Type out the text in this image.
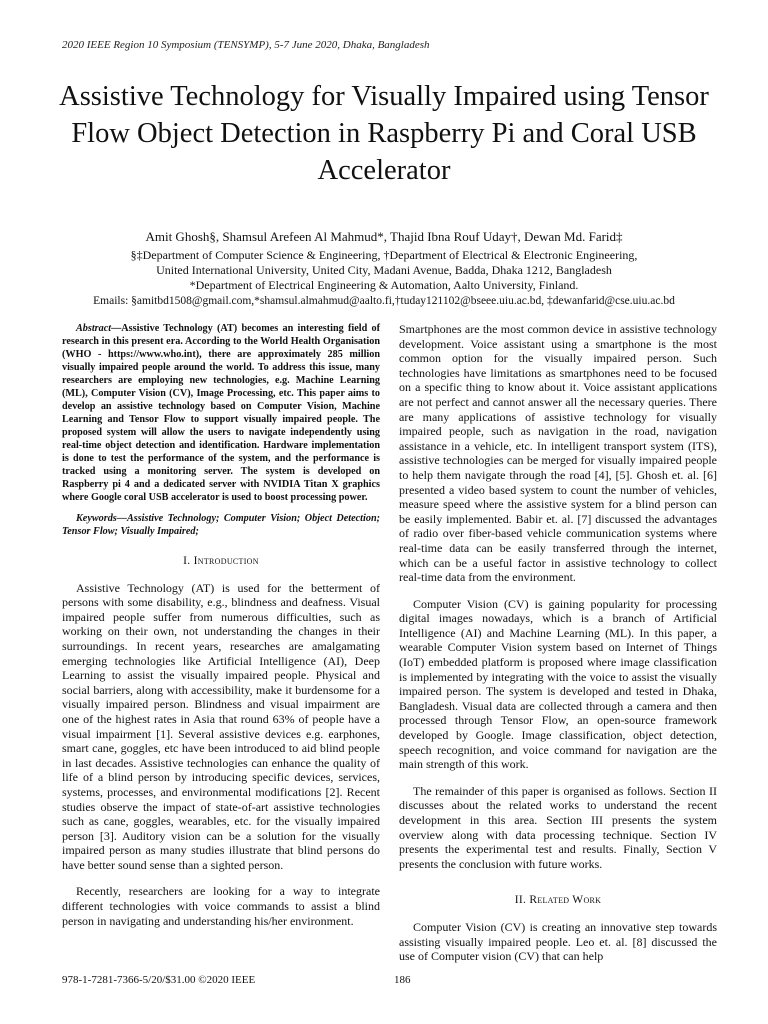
2020 IEEE Region 10 Symposium (TENSYMP), 5-7 June 2020, Dhaka, Bangladesh
Assistive Technology for Visually Impaired using Tensor Flow Object Detection in Raspberry Pi and Coral USB Accelerator
Amit Ghosh§, Shamsul Arefeen Al Mahmud*, Thajid Ibna Rouf Uday†, Dewan Md. Farid‡
§‡Department of Computer Science & Engineering, †Department of Electrical & Electronic Engineering,
United International University, United City, Madani Avenue, Badda, Dhaka 1212, Bangladesh
*Department of Electrical Engineering & Automation, Aalto University, Finland.
Emails: §amitbd1508@gmail.com,*shamsul.almahmud@aalto.fi,†tuday121102@bseee.uiu.ac.bd, ‡dewanfarid@cse.uiu.ac.bd

Abstract—Assistive Technology (AT) becomes an interesting field of research in this present era. According to the World Health Organisation (WHO - https://www.who.int), there are approximately 285 million visually impaired people around the world. To address this issue, many researchers are employing new technologies, e.g. Machine Learning (ML), Computer Vision (CV), Image Processing, etc. This paper aims to develop an assistive technology based on Computer Vision, Machine Learning and Tensor Flow to support visually impaired people. The proposed system will allow the users to navigate independently using real-time object detection and identification. Hardware implementation is done to test the performance of the system, and the performance is tracked using a monitoring server. The system is developed on Raspberry pi 4 and a dedicated server with NVIDIA Titan X graphics where Google coral USB accelerator is used to boost processing power.

Keywords—Assistive Technology; Computer Vision; Object Detection; Tensor Flow; Visually Impaired;

I. Introduction

Assistive Technology (AT) is used for the betterment of persons with some disability, e.g., blindness and deafness. Visual impaired people suffer from numerous difficulties, such as working on their own, not understanding the changes in their surroundings. In recent years, researches are amalgamating emerging technologies like Artificial Intelligence (AI), Deep Learning to assist the visually impaired people. Physical and social barriers, along with accessibility, make it burdensome for a visually impaired person. Blindness and visual impairment are one of the highest rates in Asia that round 63% of people have a visual impairment [1]. Several assistive devices e.g. earphones, smart cane, goggles, etc have been introduced to aid blind people in last decades. Assistive technologies can enhance the quality of life of a blind person by introducing specific devices, services, systems, processes, and environmental modifications [2]. Recent studies observe the impact of state-of-art assistive technologies such as cane, goggles, wearables, etc. for the visually impaired person [3]. Auditory vision can be a solution for the visually impaired person as many studies illustrate that blind persons do have better sound sense than a sighted person.

Recently, researchers are looking for a way to integrate different technologies with voice commands to assist a blind person in navigating and understanding his/her environment.

Smartphones are the most common device in assistive technology development. Voice assistant using a smartphone is the most common option for the visually impaired person. Such technologies have limitations as smartphones need to be focused on a specific thing to know about it. Voice assistant applications are not perfect and cannot answer all the necessary queries. There are many applications of assistive technology for visually impaired people, such as navigation in the road, navigation assistance in a vehicle, etc. In intelligent transport system (ITS), assistive technologies can be merged for visually impaired people to help them navigate through the road [4], [5]. Ghosh et. al. [6] presented a video based system to count the number of vehicles, measure speed where the assistive system for a blind person can be easily implemented. Babir et. al. [7] discussed the advantages of radio over fiber-based vehicle communication systems where real-time data can be easily transferred through the internet, which can be a useful factor in assistive technology to collect real-time data from the environment.

Computer Vision (CV) is gaining popularity for processing digital images nowadays, which is a branch of Artificial Intelligence (AI) and Machine Learning (ML). In this paper, a wearable Computer Vision system based on Internet of Things (IoT) embedded platform is proposed where image classification is implemented by integrating with the voice to assist the visually impaired person. The system is developed and tested in Dhaka, Bangladesh. Visual data are collected through a camera and then processed through Tensor Flow, an open-source framework developed by Google. Image classification, object detection, speech recognition, and voice command for navigation are the main strength of this work.

The remainder of this paper is organised as follows. Section II discusses about the related works to understand the recent development in this area. Section III presents the system overview along with data processing technique. Section IV presents the experimental test and results. Finally, Section V presents the conclusion with future works.

II. Related Work

Computer Vision (CV) is creating an innovative step towards assisting visually impaired people. Leo et. al. [8] discussed the use of Computer vision (CV) that can help

978-1-7281-7366-5/20/$31.00 ©2020 IEEE	186
